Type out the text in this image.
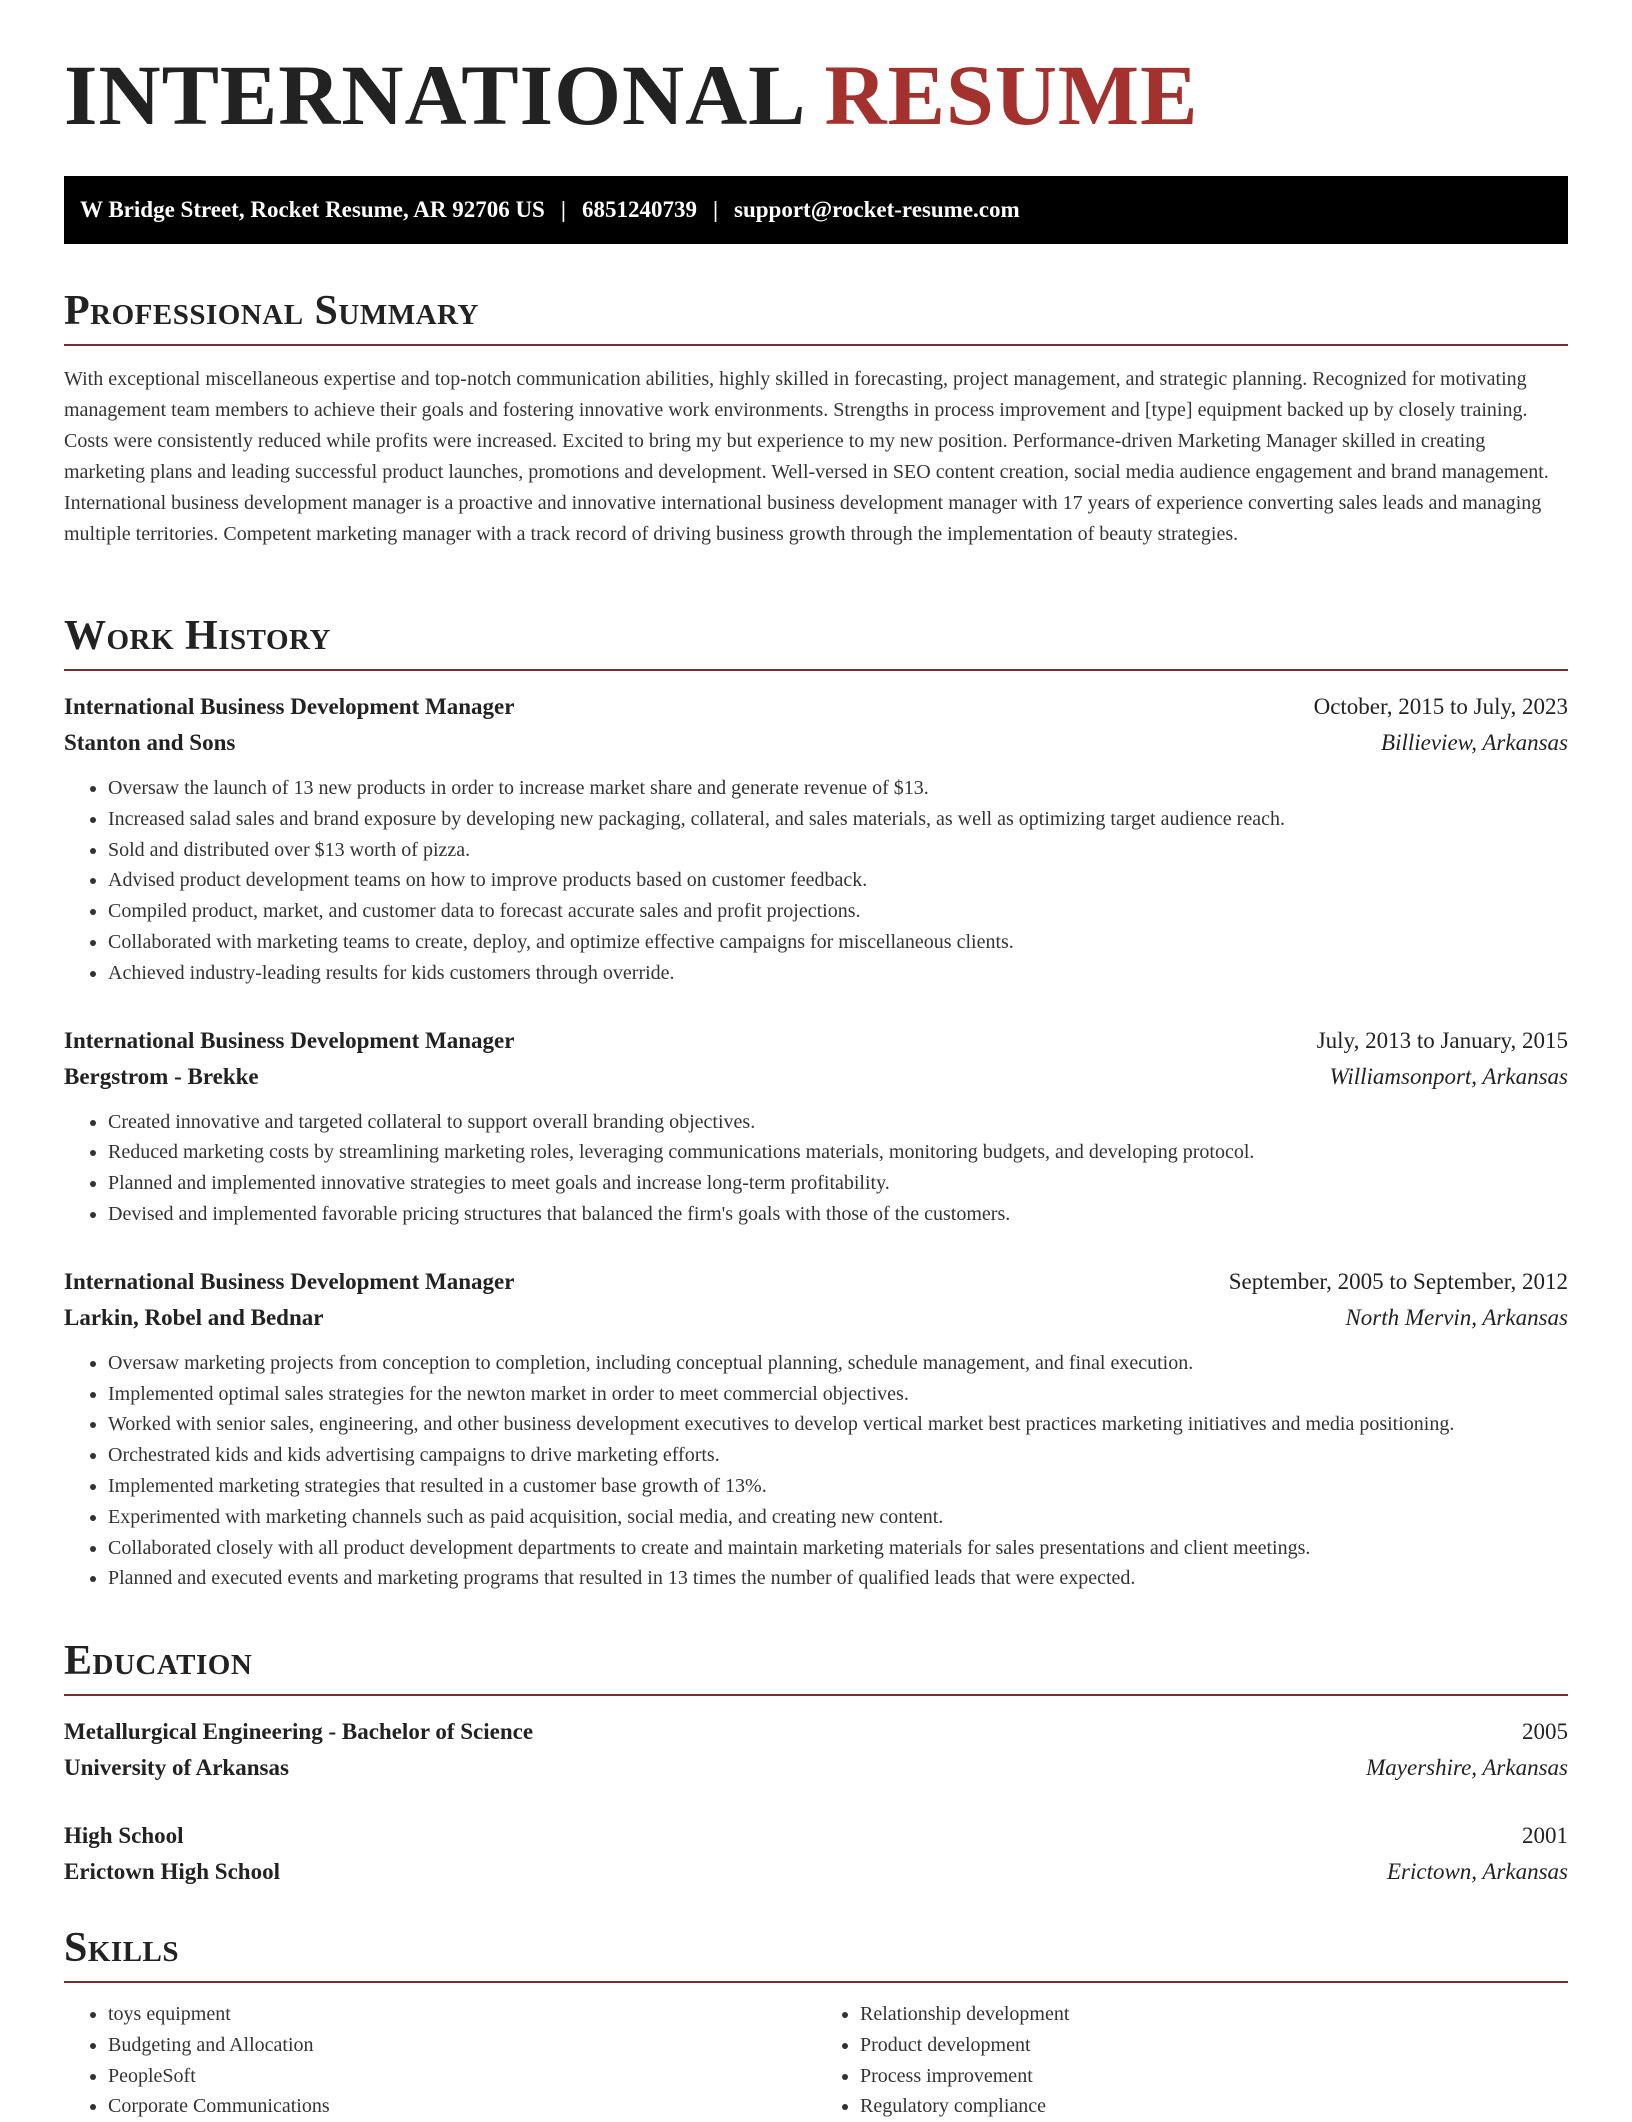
INTERNATIONAL RESUME
W Bridge Street, Rocket Resume, AR 92706 US | 6851240739 | support@rocket-resume.com
Professional Summary
With exceptional miscellaneous expertise and top-notch communication abilities, highly skilled in forecasting, project management, and strategic planning. Recognized for motivating management team members to achieve their goals and fostering innovative work environments. Strengths in process improvement and [type] equipment backed up by closely training. Costs were consistently reduced while profits were increased. Excited to bring my but experience to my new position. Performance-driven Marketing Manager skilled in creating marketing plans and leading successful product launches, promotions and development. Well-versed in SEO content creation, social media audience engagement and brand management. International business development manager is a proactive and innovative international business development manager with 17 years of experience converting sales leads and managing multiple territories. Competent marketing manager with a track record of driving business growth through the implementation of beauty strategies.
Work History
International Business Development Manager	October, 2015 to July, 2023
Stanton and Sons	Billieview, Arkansas
• Oversaw the launch of 13 new products in order to increase market share and generate revenue of $13.
• Increased salad sales and brand exposure by developing new packaging, collateral, and sales materials, as well as optimizing target audience reach.
• Sold and distributed over $13 worth of pizza.
• Advised product development teams on how to improve products based on customer feedback.
• Compiled product, market, and customer data to forecast accurate sales and profit projections.
• Collaborated with marketing teams to create, deploy, and optimize effective campaigns for miscellaneous clients.
• Achieved industry-leading results for kids customers through override.
International Business Development Manager	July, 2013 to January, 2015
Bergstrom - Brekke	Williamsonport, Arkansas
• Created innovative and targeted collateral to support overall branding objectives.
• Reduced marketing costs by streamlining marketing roles, leveraging communications materials, monitoring budgets, and developing protocol.
• Planned and implemented innovative strategies to meet goals and increase long-term profitability.
• Devised and implemented favorable pricing structures that balanced the firm's goals with those of the customers.
International Business Development Manager	September, 2005 to September, 2012
Larkin, Robel and Bednar	North Mervin, Arkansas
• Oversaw marketing projects from conception to completion, including conceptual planning, schedule management, and final execution.
• Implemented optimal sales strategies for the newton market in order to meet commercial objectives.
• Worked with senior sales, engineering, and other business development executives to develop vertical market best practices marketing initiatives and media positioning.
• Orchestrated kids and kids advertising campaigns to drive marketing efforts.
• Implemented marketing strategies that resulted in a customer base growth of 13%.
• Experimented with marketing channels such as paid acquisition, social media, and creating new content.
• Collaborated closely with all product development departments to create and maintain marketing materials for sales presentations and client meetings.
• Planned and executed events and marketing programs that resulted in 13 times the number of qualified leads that were expected.
Education
Metallurgical Engineering - Bachelor of Science	2005
University of Arkansas	Mayershire, Arkansas
High School	2001
Erictown High School	Erictown, Arkansas
Skills
• toys equipment
• Budgeting and Allocation
• PeopleSoft
• Corporate Communications
• Relationship development
• Product development
• Process improvement
• Regulatory compliance
